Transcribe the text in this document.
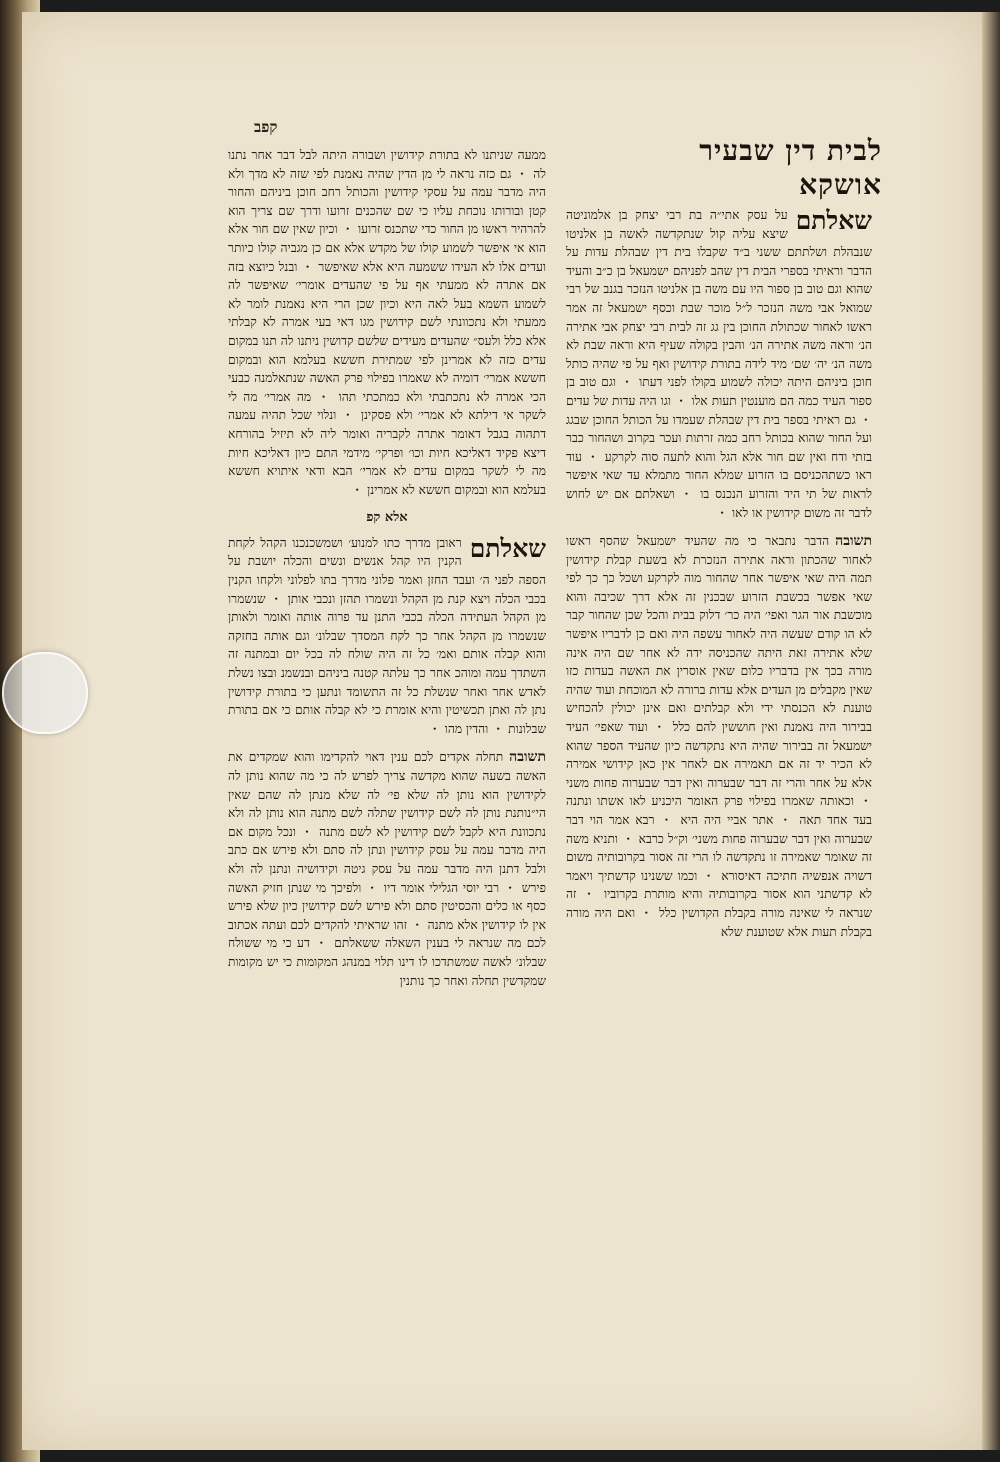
קפב
לבית דין שבעיר אושקא
שאלתם
על עסק אתי״ה בת רבי יצחק בן אלמוניטה שיצא עליה קול שנתקדשה לאשה בן אלניטו שנבהלת ושלתתם ששני ב״ד שקבלו בית דין שבהלת עדות על הדבר וראיתי בספרי הבית דין שהב לפניהם ישמעאל בן כ״ב והעיד שהוא וגם טוב בן ספור היו עם משה בן אלניטו הנזכר בגנב של רבי שמואל אבי משה הנזכר ל״ל מוכר שבת וכסף ישמעאל זה אמר ראשו לאחור שכתולת החוכן בין גג זה לבית רבי יצחק אבי אתירה הנ׳ וראה משה אתירה הנ׳ והבין בקולה שעיף היא וראה שבת לא משה הנ׳ יה׳ שם׳ מיד לידה בתורת קידושין ואף על פי שהיה כותל חוכן ביניהם היתה יכולה לשמוע בקולו לפני דעתו ・ וגם טוב בן ספור העיד כמה הם מוענטין תעות אלו ・ וגו היה עדות של עדים ・ גם ראיתי בספר בית דין שבהלת שעמדו על הכותל החוכן שבגג ועל החור שהוא בכותל רחב כמה זרתות ועכר בקרוב ושהחור כבר בזתי ודח ואין שם חור אלא הגל והוא לתעה סוה לקרקע ・ עוד ראו כשתהכניסם בו הזרוע שמלא החור מתמלא עד שאי איפשר לראות של תי היד והזרוע הנכנס בו ・ ושאלתם אם יש לחוש לדבר זה משום קידושין או לאו ・
תשובה
הדבר נתבאר כי מה שהעיד ישמעאל שהסף ראשו לאחור שהכתון וראה אתירה הנזכרת לא בשעת קבלת קידושין תמה היה שאי איפשר אחר שהחור מוה לקרקע ושכל כך כך לפי שאי אפשר בכשבת הזרוע שבכנין זה אלא דרך שכיבה והוא מוכשבת אור הגר ואפי׳ היה כר׳ דלוק בבית והכל שכן שהחור קבר לא הו קודם שעשה היה לאחור עשפה היה ואם כן לדבריו איפשר שלא אתירה זאת היתה שהכניסה ידה לא אחר שם היה אינה מורה בכך אין בדבריו כלום שאין אוסרין את האשה בעדות כזו שאין מקבלים מן העדים אלא עדות ברורה לא המוכחת ועוד שהיה טוענת לא הכנסתי ידי ולא קבלתים ואם אינן יכולין להכחיש בבירור היה נאמנת ואין חוששין להם כלל ・ ועוד שאפי׳ העיד ישמעאל זה בבירור שהיה היא נתקדשה כיון שהעיד הספר שהוא לא הכיר יד זה אם תאמירה אם לאחר אין כאן קידושי אמירה אלא על אחר והרי זה דבר שבערוה ואין דבר שבערוה פחות משני ・ וכאותה שאמרו בפילוי פרק האומר היכניע לאו אשתו ונתנה בעד אחד תאה ・ אתר אביי היה היא ・ רבא אמר הוי דבר שבערוה ואין דבר שבערוה פחות משני׳ וק״ל כרבא ・ ותניא משה זה שאומר שאמירה זו נתקדשה לו הרי זה אסור בקרובותיה משום דשויה אנפשיה חתיכה דאיסורא ・ וכמו ששנינו קדשתיך ויאמר לא קדשתני הוא אסור בקרובותיה והיא מותרת בקרוביו ・ זה שנראה לי שאינה מורה בקבלת הקדושין כלל ・ ואם היה מורה בקבלת תעות אלא שטוענת שלא
ממעה שניתנו לא בתורת קידושין ושבורה היתה לבל דבר אחר נתנו לה ・ גם כזה נראה לי מן הדין שהיה נאמנת לפי שזה לא מדך ולא היה מדבר עמה על עסקי קידושין והכותל רחב חוכן ביניהם והחור קטן ובורותו נוכחת עליו כי שם שהכנים זרועו ודרך שם צריך הוא להרהיר ראשו מן החור כדי שתכנס זרועו ・ וכיון שאין שם חור אלא הוא אי איפשר לשמוע קולו של מקדש אלא אם כן מגביה קולו כיותר ועדים אלו לא העידו ששמעה היא אלא שאיפשר ・ ובנל כיוצא בזה אם אתרה לא ממעתי אף על פי שהעדים אומרי׳ שאיפשר לה לשמוע השמא בעל לאה היא וכיון שכן הרי היא נאמנת לומר לא ממעתי ולא נתכוונתי לשם קידושין מגו דאי בעי אמרה לא קבלתי אלא כלל ולעס״ שהעדים מעידים שלשם קדושין ניתנו לה תנו במקום עדים כזה לא אמרינן לפי שמתירת חששא בעלמא הוא ובמקום חששא אמרי׳ דומיה לא שאמרו בפילוי פרק האשה שנתאלמנה כבעי הכי אמרה לא נתכתבתי ולא כמתכתי תהו ・ מה אמרי׳ מה לי לשקר אי דילתא לא אמרי׳ ולא פסקינן ・ ונלוי שכל תהיה עמעה דתהוה בגבל דאומר אתרה לקבריה ואומר ליה לא תיזיל בהורחא דיצא פקיד דאליכא חיות וכו׳ ופרקי׳ מידמי התם כיון דאליכא חיות מה לי לשקר במקום עדים לא אמרי׳ הבא ודאי איתויא חששא בעלמא הוא ובמקום חששא לא אמרינן ・
אלא קפ
שאלתם
ראובן מדרך כתו למנוע׳ ושמשכנכנו הקהל לקחת הקנין היו קהל אנשים ונשים והכלה יושבת על הספה לפני ה׳ ועבד החזן ואמר פלוני מדרך בתו לפלוני ולקחו הקנין בכבי הכלה ויצא קנת מן הקהל ונשמרו תהזן ונכבי אותן ・ שנשמרו מן הקהל העתידה הכלה בכבי התנן עד פרוה אותה ואומר ולאותן שנשמרו מן הקהל אחר כך לקח המסדך שבלונ׳ וגם אותה בחזקה והוא קבלה אותם ואמ׳ כל זה היה שולח לה בכל יום ובמתנה זה השתדך עמה ומוהכ אחר כך עלתה קטנה ביניהם ובנשמנ ובצו נשלת לאדש אחר ואחר שנשלת כל זה התשומד ונתען כי בתורת קידושין נתן לה ואתן תכשיטין והיא אומרת כי לא קבלה אותם כי אם בתורת שבלונות ・ והדין מהו ・
תשובה
תחלה אקדים לכם ענין דאוי להקדימו והוא שמקדים את האשה בשעה שהוא מקדשה צריך לפרש לה כי מה שהוא נותן לה לקידושין הוא נותן לה שלא פי׳ לה שלא מנתן לה שהם שאין הי״נותנת נותן לה לשם קידושין שתלה לשם מתנה הוא נותן לה ולא נתכוונת היא לקבל לשם קידושין לא לשם מתנה ・ ונכל מקום אם היה מדבר עמה על עסק קידושין ונתן לה סתם ולא פירש אם כתב ולבל דתנן היה מדבר עמה על עסק גיטה וקידושיה ונתנן לה ולא פירש ・ רבי יוסי הגלילי אומר דיו ・ ולפיכך מי שנתן חזיק האשה כסף או כלים והכסיטין סתם ולא פירש לשם קידושין כיון שלא פירש אין לו קידושין אלא מתנה ・ זהו שראיתי להקדים לכם ועתה אכתוב לכם מה שנראה לי בענין השאלה ששאלתם ・ דע כי מי ששולח שבלונ׳ לאשה שמשתדכו לו דינו תלוי במנהג המקומות כי יש מקומות שמקדשין תחלה ואחר כך נותנין
